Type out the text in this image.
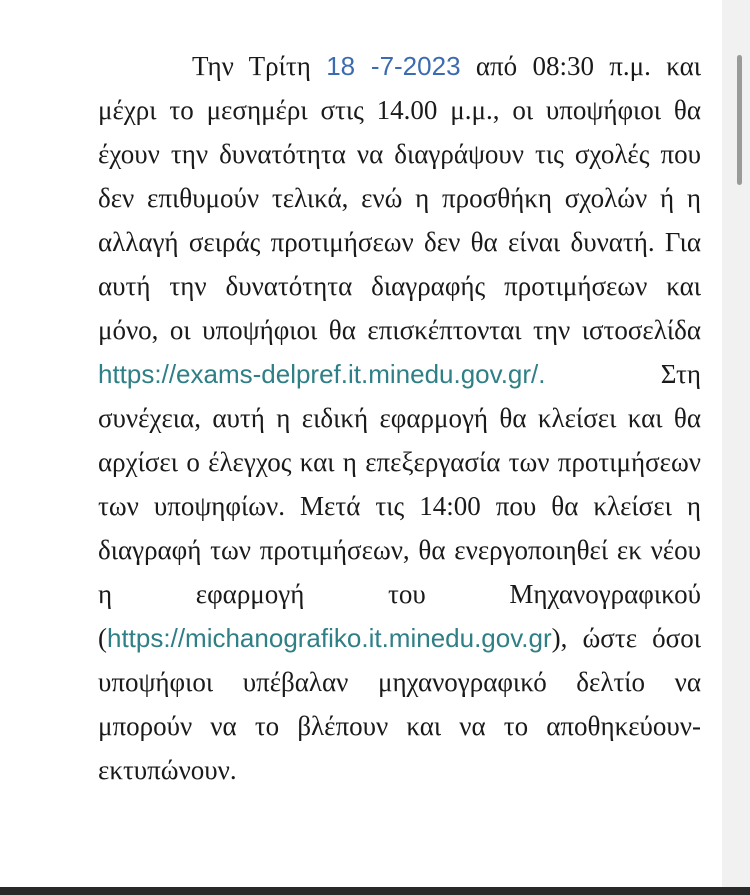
Την Τρίτη 18 -7-2023 από 08:30 π.μ. και μέχρι το μεσημέρι στις 14.00 μ.μ., οι υποψήφιοι θα έχουν την δυνατότητα να διαγράψουν τις σχολές που δεν επιθυμούν τελικά, ενώ η προσθήκη σχολών ή η αλλαγή σειράς προτιμήσεων δεν θα είναι δυνατή. Για αυτή την δυνατότητα διαγραφής προτιμήσεων και μόνο, οι υποψήφιοι θα επισκέπτονται την ιστοσελίδα https://exams-delpref.it.minedu.gov.gr/. Στη συνέχεια, αυτή η ειδική εφαρμογή θα κλείσει και θα αρχίσει ο έλεγχος και η επεξεργασία των προτιμήσεων των υποψηφίων. Μετά τις 14:00 που θα κλείσει η διαγραφή των προτιμήσεων, θα ενεργοποιηθεί εκ νέου η εφαρμογή του Μηχανογραφικού (https://michanografiko.it.minedu.gov.gr), ώστε όσοι υποψήφιοι υπέβαλαν μηχανογραφικό δελτίο να μπορούν να το βλέπουν και να το αποθηκεύουν-εκτυπώνουν.
